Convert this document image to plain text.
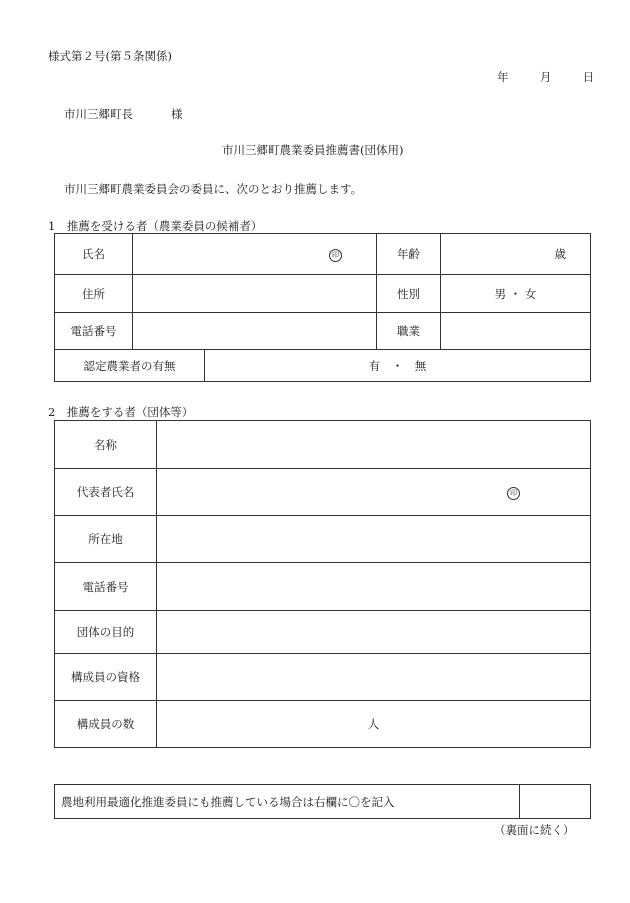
様式第２号(第５条関係)
年	月	日
市川三郷町長	様
市川三郷町農業委員推薦書(団体用)
市川三郷町農業委員会の委員に、次のとおり推薦します。
1　推薦を受ける者（農業委員の候補者）
氏名	印		年齢	歳
住所			性別	男 ・ 女
電話番号			職業	
認定農業者の有無		有　・　無		
2　推薦をする者（団体等）
名称	
代表者氏名	印
所在地	
電話番号	
団体の目的	
構成員の資格	
構成員の数	人
農地利用最適化推進委員にも推薦している場合は右欄に〇を記入	
（裏面に続く）
